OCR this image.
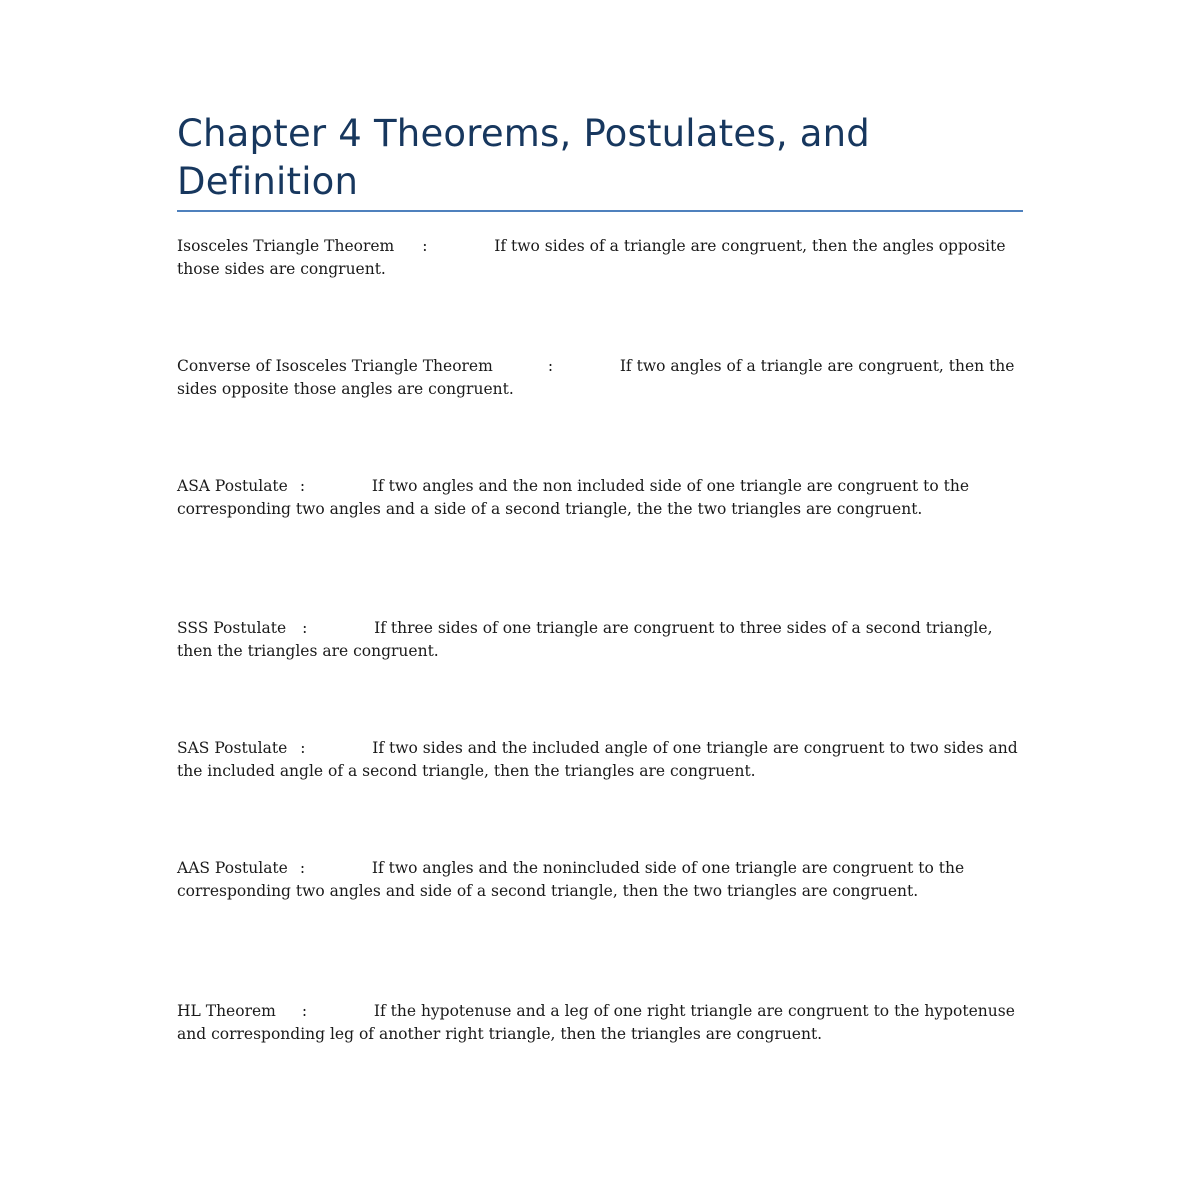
Chapter 4 Theorems, Postulates, and Definition

Isosceles Triangle Theorem :	If two sides of a triangle are congruent, then the angles opposite those sides are congruent.

Converse of Isosceles Triangle Theorem	:	If two angles of a triangle are congruent, then the sides opposite those angles are congruent.

ASA Postulate :	If two angles and the non included side of one triangle are congruent to the corresponding two angles and a side of a second triangle, the the two triangles are congruent.

SSS Postulate :	If three sides of one triangle are congruent to three sides of a second triangle, then the triangles are congruent.

SAS Postulate :	If two sides and the included angle of one triangle are congruent to two sides and the included angle of a second triangle, then the triangles are congruent.

AAS Postulate :	If two angles and the nonincluded side of one triangle are congruent to the corresponding two angles and side of a second triangle, then the two triangles are congruent.

HL Theorem :	If the hypotenuse and a leg of one right triangle are congruent to the hypotenuse and corresponding leg of another right triangle, then the triangles are congruent.
